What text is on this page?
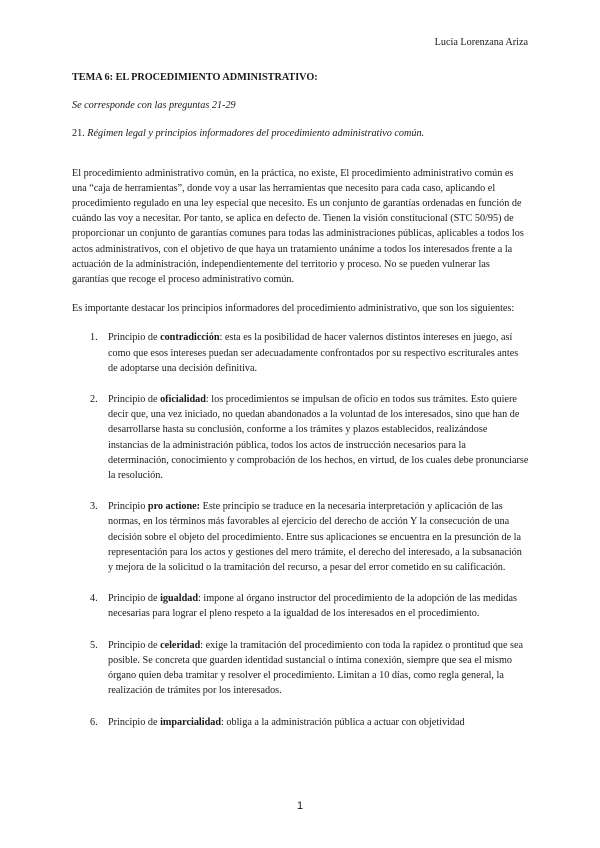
Lucía Lorenzana Ariza

TEMA 6: EL PROCEDIMIENTO ADMINISTRATIVO:

Se corresponde con las preguntas 21-29

21. Régimen legal y principios informadores del procedimiento administrativo común.

El procedimiento administrativo común, en la práctica, no existe, El procedimiento administrativo común es una “caja de herramientas”, donde voy a usar las herramientas que necesito para cada caso, aplicando el procedimiento regulado en una ley especial que necesito. Es un conjunto de garantías ordenadas en función de cuándo las voy a necesitar. Por tanto, se aplica en defecto de. Tienen la visión constitucional (STC 50/95) de proporcionar un conjunto de garantías comunes para todas las administraciones públicas, aplicables a todos los actos administrativos, con el objetivo de que haya un tratamiento unánime a todos los interesados frente a la actuación de la administración, independientemente del territorio y proceso. No se pueden vulnerar las garantías que recoge el proceso administrativo común.

Es importante destacar los principios informadores del procedimiento administrativo, que son los siguientes:

1. Principio de contradicción: esta es la posibilidad de hacer valernos distintos intereses en juego, así como que esos intereses puedan ser adecuadamente confrontados por su respectivo escriturales antes de adoptarse una decisión definitiva.
2. Principio de oficialidad: los procedimientos se impulsan de oficio en todos sus trámites. Esto quiere decir que, una vez iniciado, no quedan abandonados a la voluntad de los interesados, sino que han de desarrollarse hasta su conclusión, conforme a los trámites y plazos establecidos, realizándose instancias de la administración pública, todos los actos de instrucción necesarios para la determinación, conocimiento y comprobación de los hechos, en virtud, de los cuales debe pronunciarse la resolución.
3. Principio pro actione: Este principio se traduce en la necesaria interpretación y aplicación de las normas, en los términos más favorables al ejercicio del derecho de acción Y la consecución de una decisión sobre el objeto del procedimiento. Entre sus aplicaciones se encuentra en la presunción de la representación para los actos y gestiones del mero trámite, el derecho del interesado, a la subsanación y mejora de la solicitud o la tramitación del recurso, a pesar del error cometido en su calificación.
4. Principio de igualdad: impone al órgano instructor del procedimiento de la adopción de las medidas necesarias para lograr el pleno respeto a la igualdad de los interesados en el procedimiento.
5. Principio de celeridad: exige la tramitación del procedimiento con toda la rapidez o prontitud que sea posible. Se concreta que guarden identidad sustancial o íntima conexión, siempre que sea el mismo órgano quien deba tramitar y resolver el procedimiento. Limitan a 10 días, como regla general, la realización de trámites por los interesados.
6. Principio de imparcialidad: obliga a la administración pública a actuar con objetividad
1
